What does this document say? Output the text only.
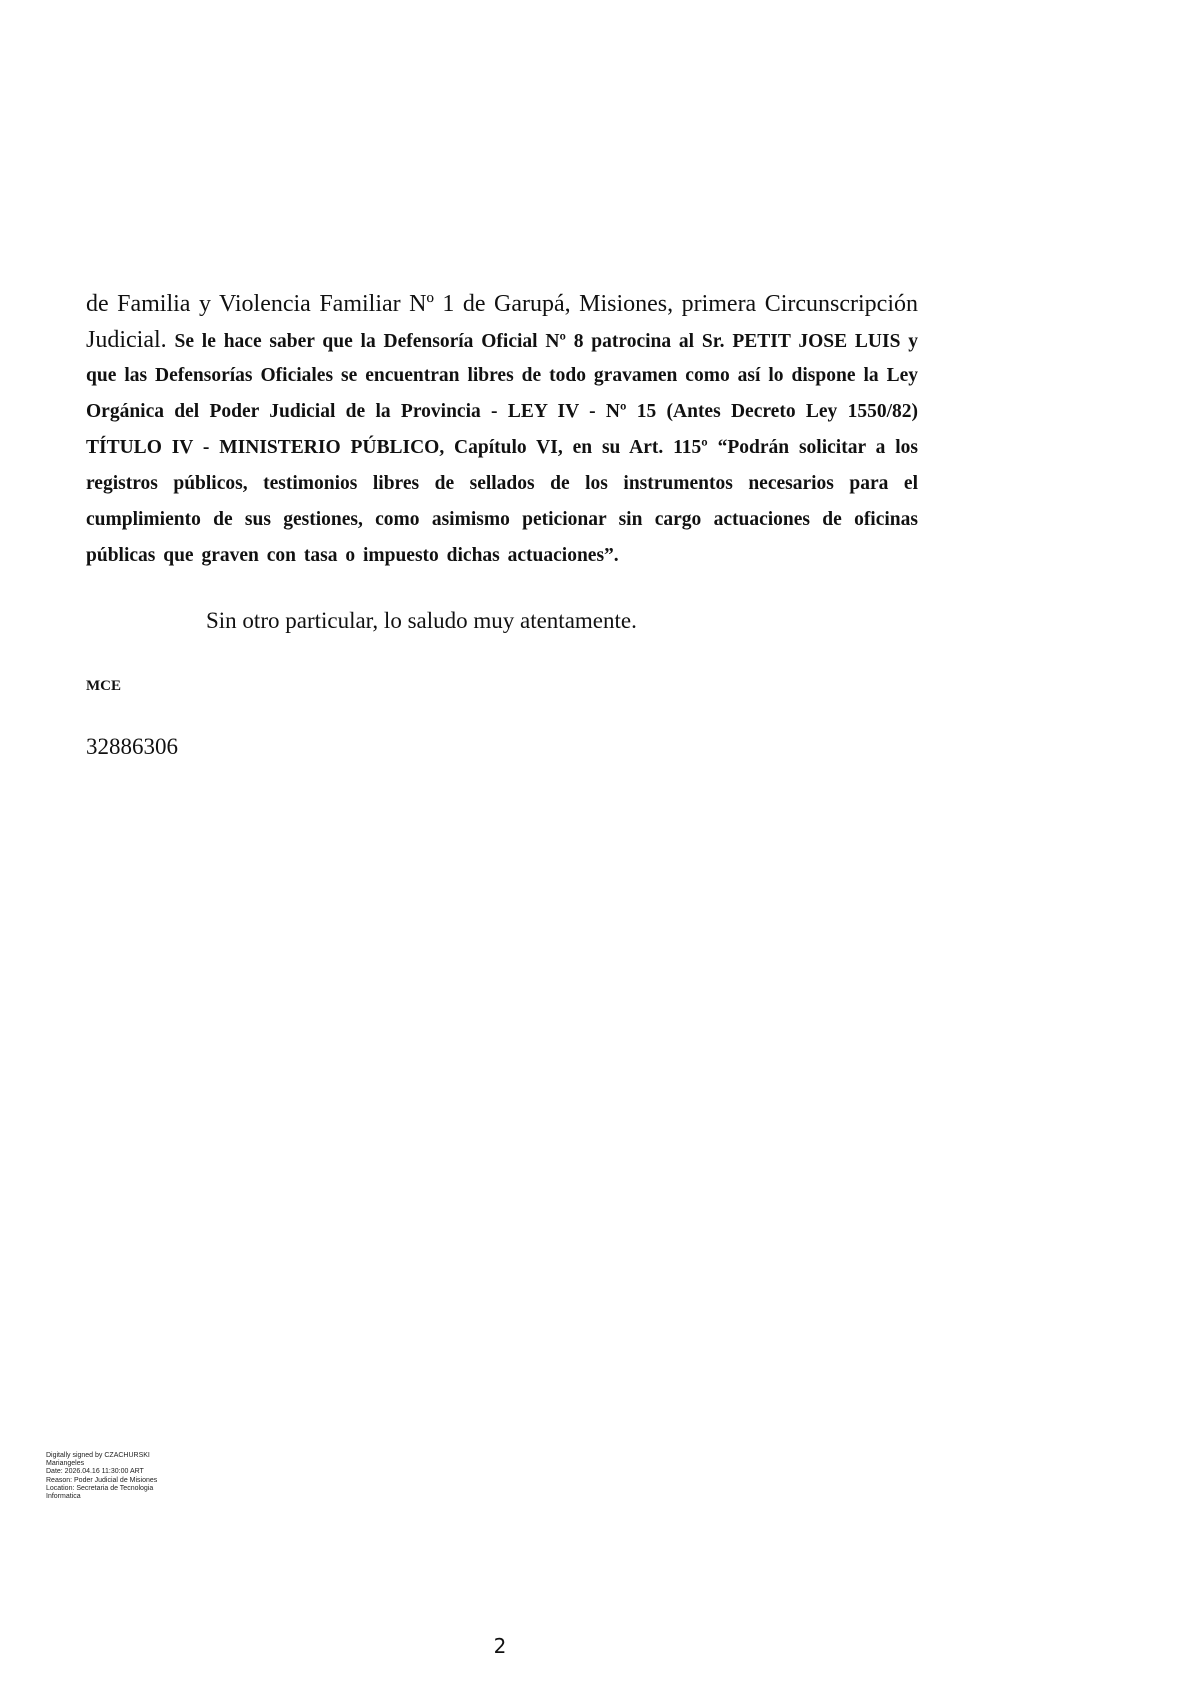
de Familia y Violencia Familiar Nº 1 de Garupá, Misiones, primera Circunscripción
Judicial. Se le hace saber que la Defensoría Oficial Nº 8 patrocina al Sr. PETIT JOSE LUIS y
que las Defensorías Oficiales se encuentran libres de todo gravamen como así lo dispone la Ley
Orgánica del Poder Judicial de la Provincia - LEY IV - Nº 15 (Antes Decreto Ley 1550/82)
TÍTULO IV - MINISTERIO PÚBLICO, Capítulo VI, en su Art. 115º “Podrán solicitar a los
registros públicos, testimonios libres de sellados de los instrumentos necesarios para el
cumplimiento de sus gestiones, como asimismo peticionar sin cargo actuaciones de oficinas
públicas que graven con tasa o impuesto dichas actuaciones”.
Sin otro particular, lo saludo muy atentamente.
MCE
32886306
Digitally signed by CZACHURSKI
Mariangeles
Date: 2026.04.16 11:30:00 ART
Reason: Poder Judicial de Misiones
Location: Secretaria de Tecnologia
Informatica
2
